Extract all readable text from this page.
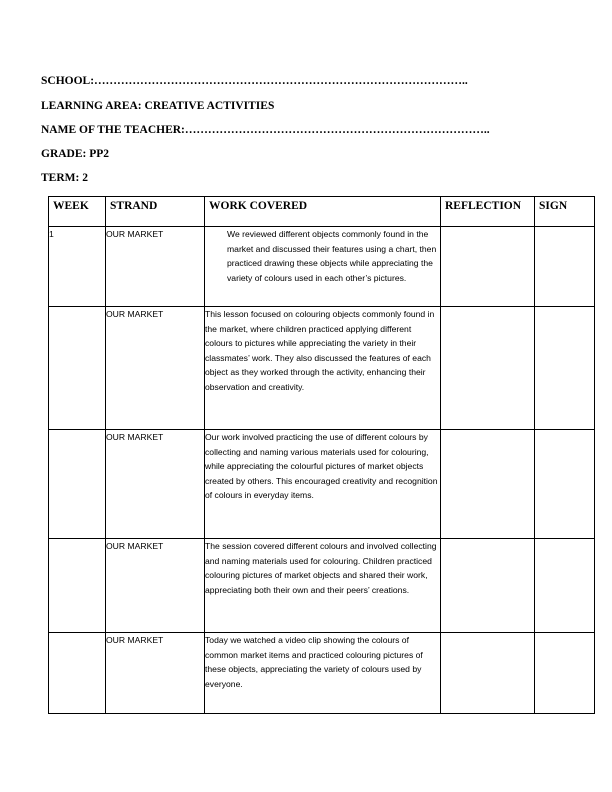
SCHOOL:……………………………………………………………………………………..
LEARNING AREA: CREATIVE ACTIVITIES
NAME OF THE TEACHER:……………………………………………………………………..
GRADE: PP2
TERM: 2
WEEK	STRAND	WORK COVERED	REFLECTION	SIGN
1	OUR MARKET	We reviewed different objects commonly found in the market and discussed their features using a chart, then practiced drawing these objects while appreciating the variety of colours used in each other’s pictures.		
	OUR MARKET	This lesson focused on colouring objects commonly found in the market, where children practiced applying different colours to pictures while appreciating the variety in their classmates’ work. They also discussed the features of each object as they worked through the activity, enhancing their observation and creativity.		
	OUR MARKET	Our work involved practicing the use of different colours by collecting and naming various materials used for colouring, while appreciating the colourful pictures of market objects created by others. This encouraged creativity and recognition of colours in everyday items.		
	OUR MARKET	The session covered different colours and involved collecting and naming materials used for colouring. Children practiced colouring pictures of market objects and shared their work, appreciating both their own and their peers’ creations.		
	OUR MARKET	Today we watched a video clip showing the colours of common market items and practiced colouring pictures of these objects, appreciating the variety of colours used by everyone.		
